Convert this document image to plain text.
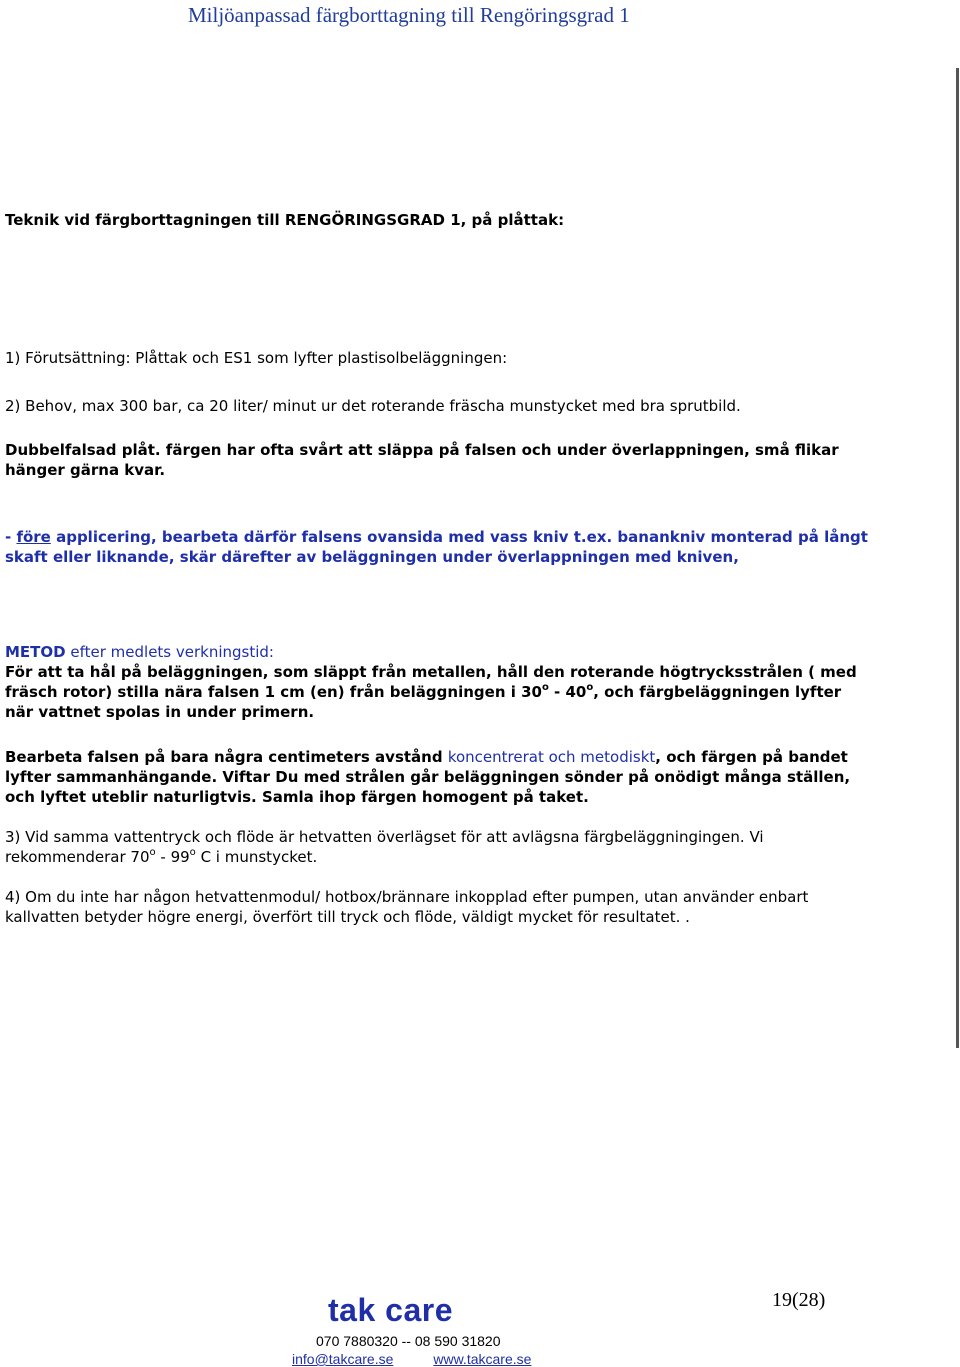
Miljöanpassad färgborttagning till Rengöringsgrad 1
Teknik vid färgborttagningen till RENGÖRINGSGRAD 1, på plåttak:
1) Förutsättning: Plåttak och ES1 som lyfter plastisolbeläggningen:
2) Behov, max 300 bar, ca 20 liter/ minut ur det roterande fräscha munstycket med bra sprutbild.
Dubbelfalsad plåt. färgen har ofta svårt att släppa på falsen och under överlappningen, små flikar
hänger gärna kvar.
- före applicering, bearbeta därför falsens ovansida med vass kniv t.ex. banankniv monterad på långt
skaft eller liknande, skär därefter av beläggningen under överlappningen med kniven,
METOD efter medlets verkningstid:
För att ta hål på beläggningen, som släppt från metallen, håll den roterande högtrycksstrålen ( med
fräsch rotor) stilla nära falsen 1 cm (en) från beläggningen i 30$^o$ - 40$^o$, och färgbeläggningen lyfter
när vattnet spolas in under primern.
Bearbeta falsen på bara några centimeters avstånd koncentrerat och metodiskt, och färgen på bandet
lyfter sammanhängande. Viftar Du med strålen går beläggningen sönder på onödigt många ställen,
och lyftet uteblir naturligtvis. Samla ihop färgen homogent på taket.
3) Vid samma vattentryck och flöde är hetvatten överlägset för att avlägsna färgbeläggningingen. Vi
rekommenderar 70$^o$ - 99$^o$ C i munstycket.
4) Om du inte har någon hetvattenmodul/ hotbox/brännare inkopplad efter pumpen, utan använder enbart
kallvatten betyder högre energi, överfört till tryck och flöde, väldigt mycket för resultatet. .
tak care	19(28)
070 7880320 -- 08 590 31820
info@takcare.se	www.takcare.se
